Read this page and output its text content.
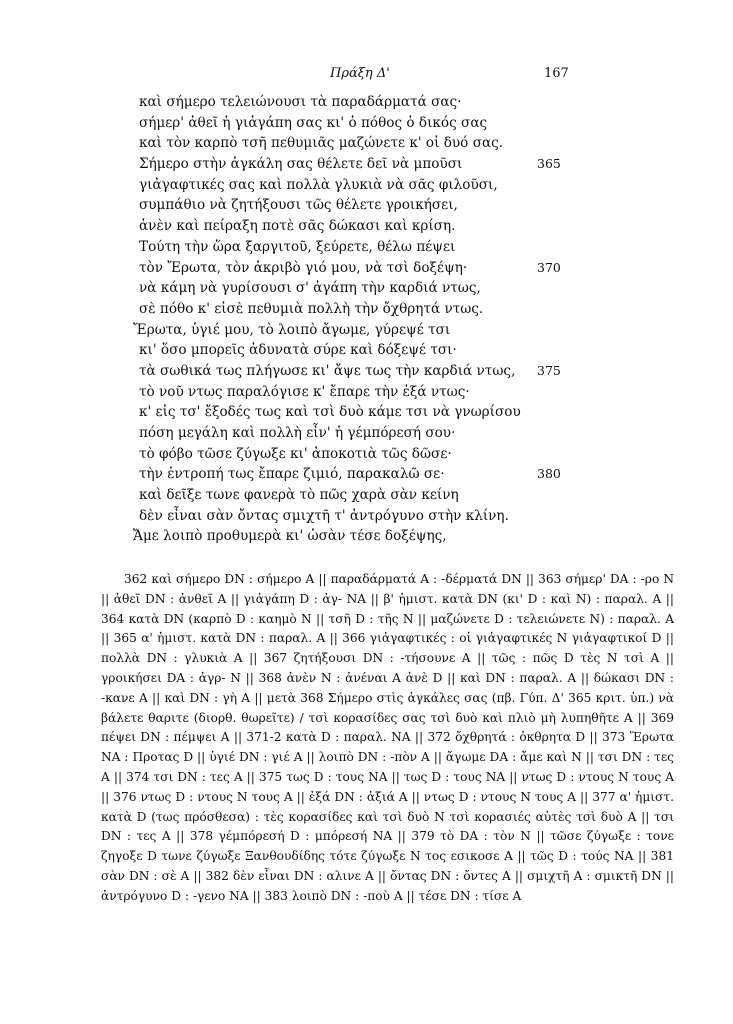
Πράξη Δ'	167
καὶ σήμερο τελειώνουσι τὰ παραδάρματά σας·
σήμερ' ἀθεῖ ἡ γιἀγάπη σας κι' ὁ πόθος ὁ δικός σας
καὶ τὸν καρπὸ τσῆ πεθυμιᾶς μαζώνετε κ' οἱ δυό σας.
Σήμερο στὴν ἀγκάλη σας θέλετε δεῖ νὰ μποῦσι	365
γιἀγαφτικές σας καὶ πολλὰ γλυκιὰ νὰ σᾶς φιλοῦσι,
συμπάθιο νὰ ζητήξουσι τῶς θέλετε γροικήσει,
ἀνὲν καὶ πείραξη ποτὲ σᾶς δώκασι καὶ κρίση.
Τούτη τὴν ὥρα ξαργιτοῦ, ξεύρετε, θέλω πέψει
τὸν Ἔρωτα, τὸν ἀκριβὸ γιό μου, νὰ τσὶ δοξέψη·	370
νὰ κάμη νὰ γυρίσουσι σ' ἀγάπη τὴν καρδιά ντως,
σὲ πόθο κ' εἰσὲ πεθυμιὰ πολλὴ τὴν ὄχθρητά ντως.
Ἔρωτα, ὑγιέ μου, τὸ λοιπὸ ἄγωμε, γύρεψέ τσι
κι' ὅσο μπορεῖς ἀδυνατὰ σύρε καὶ δόξεψέ τσι·
τὰ σωθικά τως πλήγωσε κι' ἄψε τως τὴν καρδιά ντως, 375
τὸ νοῦ ντως παραλόγισε κ' ἔπαρε τὴν ἐξά ντως·
κ' εἰς τσ' ἔξοδές τως καὶ τσὶ δυὸ κάμε τσι νὰ γνωρίσου
πόση μεγάλη καὶ πολλὴ εἶν' ἡ γέμπόρεσή σου·
τὸ φόβο τῶσε ζύγωξε κι' ἀποκοτιὰ τῶς δῶσε·
τὴν ἐντροπή τως ἔπαρε ζιμιό, παρακαλῶ σε·	380
καὶ δεῖξε τωνε φανερὰ τὸ πῶς χαρὰ σὰν κείνη
δὲν εἶναι σὰν ὄντας σμιχτῆ τ' ἀντρόγυνο στὴν κλίνη.
Ἄμε λοιπὸ προθυμερὰ κι' ὡσὰν τέσε δοξέψης,

362 καὶ σήμερο DN : σήμερο A || παραδάρματά A : -δέρματά DN || 363 σήμερ' DA : -ρο N || ἀθεῖ DN : ἀνθεῖ A || γιἀγάπη D : ἀγ- NA || β' ἡμιστ. κατὰ DN (κι' D : καὶ N) : παραλ. A || 364 κατὰ DN (καρπὸ D : καημὸ N || τσῆ D : τῆς N || μαζώνετε D : τελειώνετε N) : παραλ. A || 365 α' ἡμιστ. κατὰ DN : παραλ. A || 366 γιἀγαφτικές : οἱ γιἀγαφτικές N γιἀγαφτικοί D || πολλὰ DN : γλυκιὰ A || 367 ζητήξουσι DN : -τήσουνε A || τῶς : πῶς D τὲς N τσὶ A || γροικήσει DA : ἀγρ- N || 368 ἀνὲν N : ἀνέναι A ἀνὲ D || καὶ DN : παραλ. A || δώκασι DN : -κανε A || καὶ DN : γὴ A || μετὰ 368 Σήμερο στὶς ἀγκάλες σας (πβ. Γύπ. Δ' 365 κριτ. ὑπ.) νὰ βάλετε θαριτε (διορθ. θωρεῖτε) / τσὶ κορασίδες σας τσὶ δυὸ καὶ πλιὸ μὴ λυπηθῆτε A || 369 πέψει DN : πέμψει A || 371-2 κατὰ D : παραλ. NA || 372 ὄχθρητά : ὀκθρητα D || 373 Ἔρωτα NA : Προτας D || ὑγιέ DN : γιέ A || λοιπὸ DN : -πὸν A || ἄγωμε DA : ἄμε καὶ N || τσι DN : τες A || 374 τσι DN : τες A || 375 τως D : τους NA || τως D : τους NA || ντως D : ντους N τους A || 376 ντως D : ντους N τους A || ἐξά DN : ἀξιά A || ντως D : ντους N τους A || 377 α' ἡμιστ. κατὰ D (τως πρόσθεσα) : τὲς κορασίδες καὶ τσὶ δυὸ N τσὶ κορασιές αὐτὲς τσὶ δυὸ A || τσι DN : τες A || 378 γέμπόρεσή D : μπόρεσή NA || 379 τὸ DA : τὸν N || τῶσε ζύγωξε : τονε ζηγοξε D τωνε ζύγωξε Ξανθουδίδης τότε ζύγωξε N τος εσικοσε A || τῶς D : τούς NA || 381 σὰν DN : σὲ A || 382 δὲν εἶναι DN : αλινε A || ὄντας DN : ὄντες A || σμιχτῆ A : σμικτῆ DN || ἀντρόγυνο D : -γενο NA || 383 λοιπὸ DN : -ποὺ A || τέσε DN : τίσε A
